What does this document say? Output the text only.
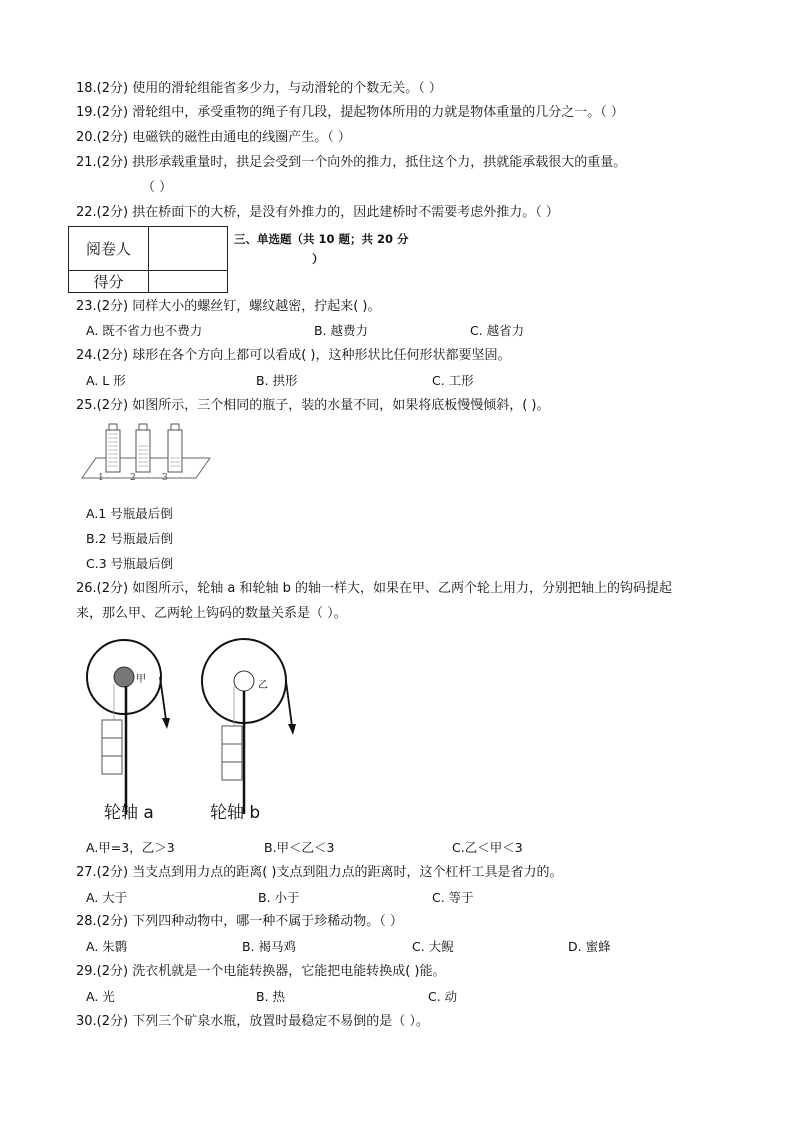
18.(2分) 使用的滑轮组能省多少力，与动滑轮的个数无关。（ ）
19.(2分) 滑轮组中，承受重物的绳子有几段，提起物体所用的力就是物体重量的几分之一。（ ）
20.(2分) 电磁铁的磁性由通电的线圈产生。（ ）
21.(2分) 拱形承载重量时，拱足会受到一个向外的推力，抵住这个力，拱就能承载很大的重量。
（ ）
22.(2分) 拱在桥面下的大桥，是没有外推力的，因此建桥时不需要考虑外推力。（ ）
阅卷人
得分
三、单选题（共 10 题；共 20 分
）
23.(2分) 同样大小的螺丝钉，螺纹越密，拧起来( )。
A. 既不省力也不费力	B. 越费力	C. 越省力
24.(2分) 球形在各个方向上都可以看成( )，这种形状比任何形状都要坚固。
A. L 形	B. 拱形	C. 工形
25.(2分) 如图所示，三个相同的瓶子，装的水量不同，如果将底板慢慢倾斜，( )。
1	2	3
A.1 号瓶最后倒
B.2 号瓶最后倒
C.3 号瓶最后倒
26.(2分) 如图所示，轮轴 a 和轮轴 b 的轴一样大，如果在甲、乙两个轮上用力，分别把轴上的钩码提起
来，那么甲、乙两轮上钩码的数量关系是（ ）。
甲
乙
轮轴 a	轮轴 b
A.甲=3，乙＞3	B.甲＜乙＜3	C.乙＜甲＜3
27.(2分) 当支点到用力点的距离( )支点到阻力点的距离时，这个杠杆工具是省力的。
A. 大于	B. 小于	C. 等于
28.(2分) 下列四种动物中，哪一种不属于珍稀动物。（ ）
A. 朱鹮	B. 褐马鸡	C. 大鲵	D. 蜜蜂
29.(2分) 洗衣机就是一个电能转换器，它能把电能转换成( )能。
A. 光	B. 热	C. 动
30.(2分) 下列三个矿泉水瓶，放置时最稳定不易倒的是（ ）。
